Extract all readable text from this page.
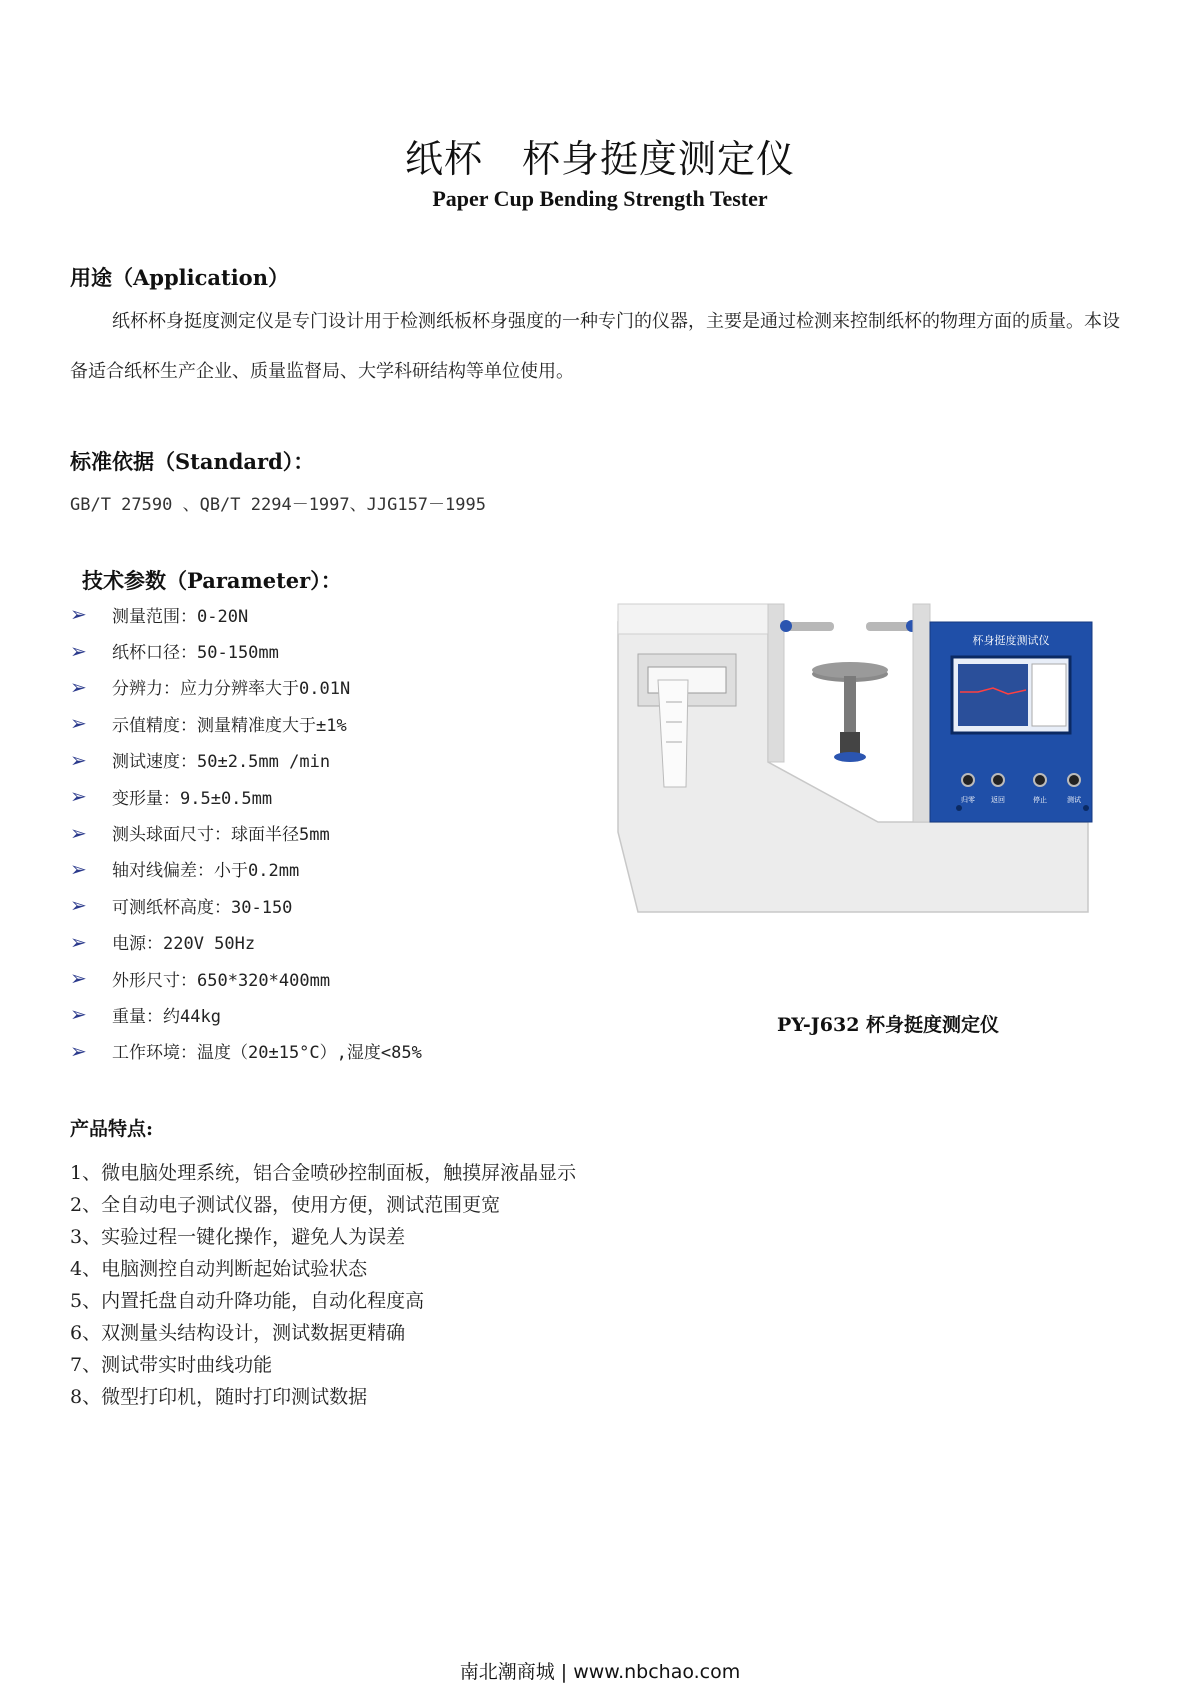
纸杯　杯身挺度测定仪
Paper Cup Bending Strength Tester
用途（Application）
纸杯杯身挺度测定仪是专门设计用于检测纸板杯身强度的一种专门的仪器，主要是通过检测来控制纸杯的物理方面的质量。本设备适合纸杯生产企业、质量监督局、大学科研结构等单位使用。
标准依据（Standard）：
GB/T 27590 、QB/T 2294－1997、JJG157－1995
技术参数（Parameter）：
➢	测量范围：0-20N
➢	纸杯口径：50-150mm
➢	分辨力：应力分辨率大于0.01N
➢	示值精度：测量精准度大于±1%
➢	测试速度：50±2.5mm /min
➢	变形量：9.5±0.5mm
➢	测头球面尺寸：球面半径5mm
➢	轴对线偏差：小于0.2mm
➢	可测纸杯高度：30-150
➢	电源：220V 50Hz
➢	外形尺寸：650*320*400mm
➢	重量：约44kg
➢	工作环境：温度（20±15°C）,湿度<85%
杯身挺度测试仪
归零 返回	停止	测试
PY-J632 杯身挺度测定仪
产品特点:
1、微电脑处理系统，铝合金喷砂控制面板，触摸屏液晶显示
2、全自动电子测试仪器，使用方便，测试范围更宽
3、实验过程一键化操作，避免人为误差
4、电脑测控自动判断起始试验状态
5、内置托盘自动升降功能，自动化程度高
6、双测量头结构设计，测试数据更精确
7、测试带实时曲线功能
8、微型打印机，随时打印测试数据
南北潮商城 | www.nbchao.com
